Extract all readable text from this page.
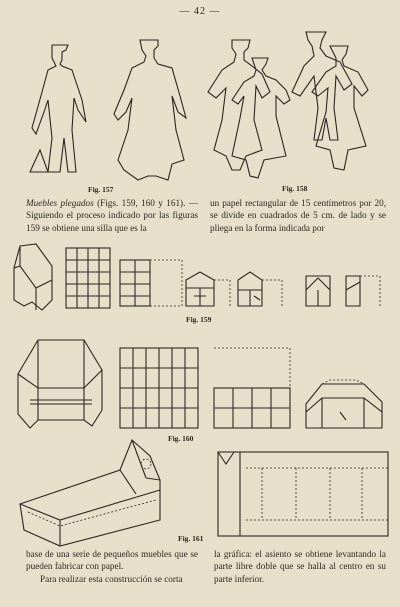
— 42 —
Fig. 157	Fig. 158
Muebles plegados (Figs. 159, 160 y 161). — Siguiendo el proceso indicado por las figuras 159 se obtiene una silla que es la
un papel rectangular de 15 centímetros por 20, se divide en cuadrados de 5 cm. de lado y se pliega en la forma indicada por
Fig. 159
Fig. 160
Fig. 161
base de una serie de pequeños muebles que se pueden fabricar con papel.
Para realizar esta construcción se corta
la gráfica: el asiento se obtiene levantando la parte libre doble que se halla al centro en su parte inferior.
